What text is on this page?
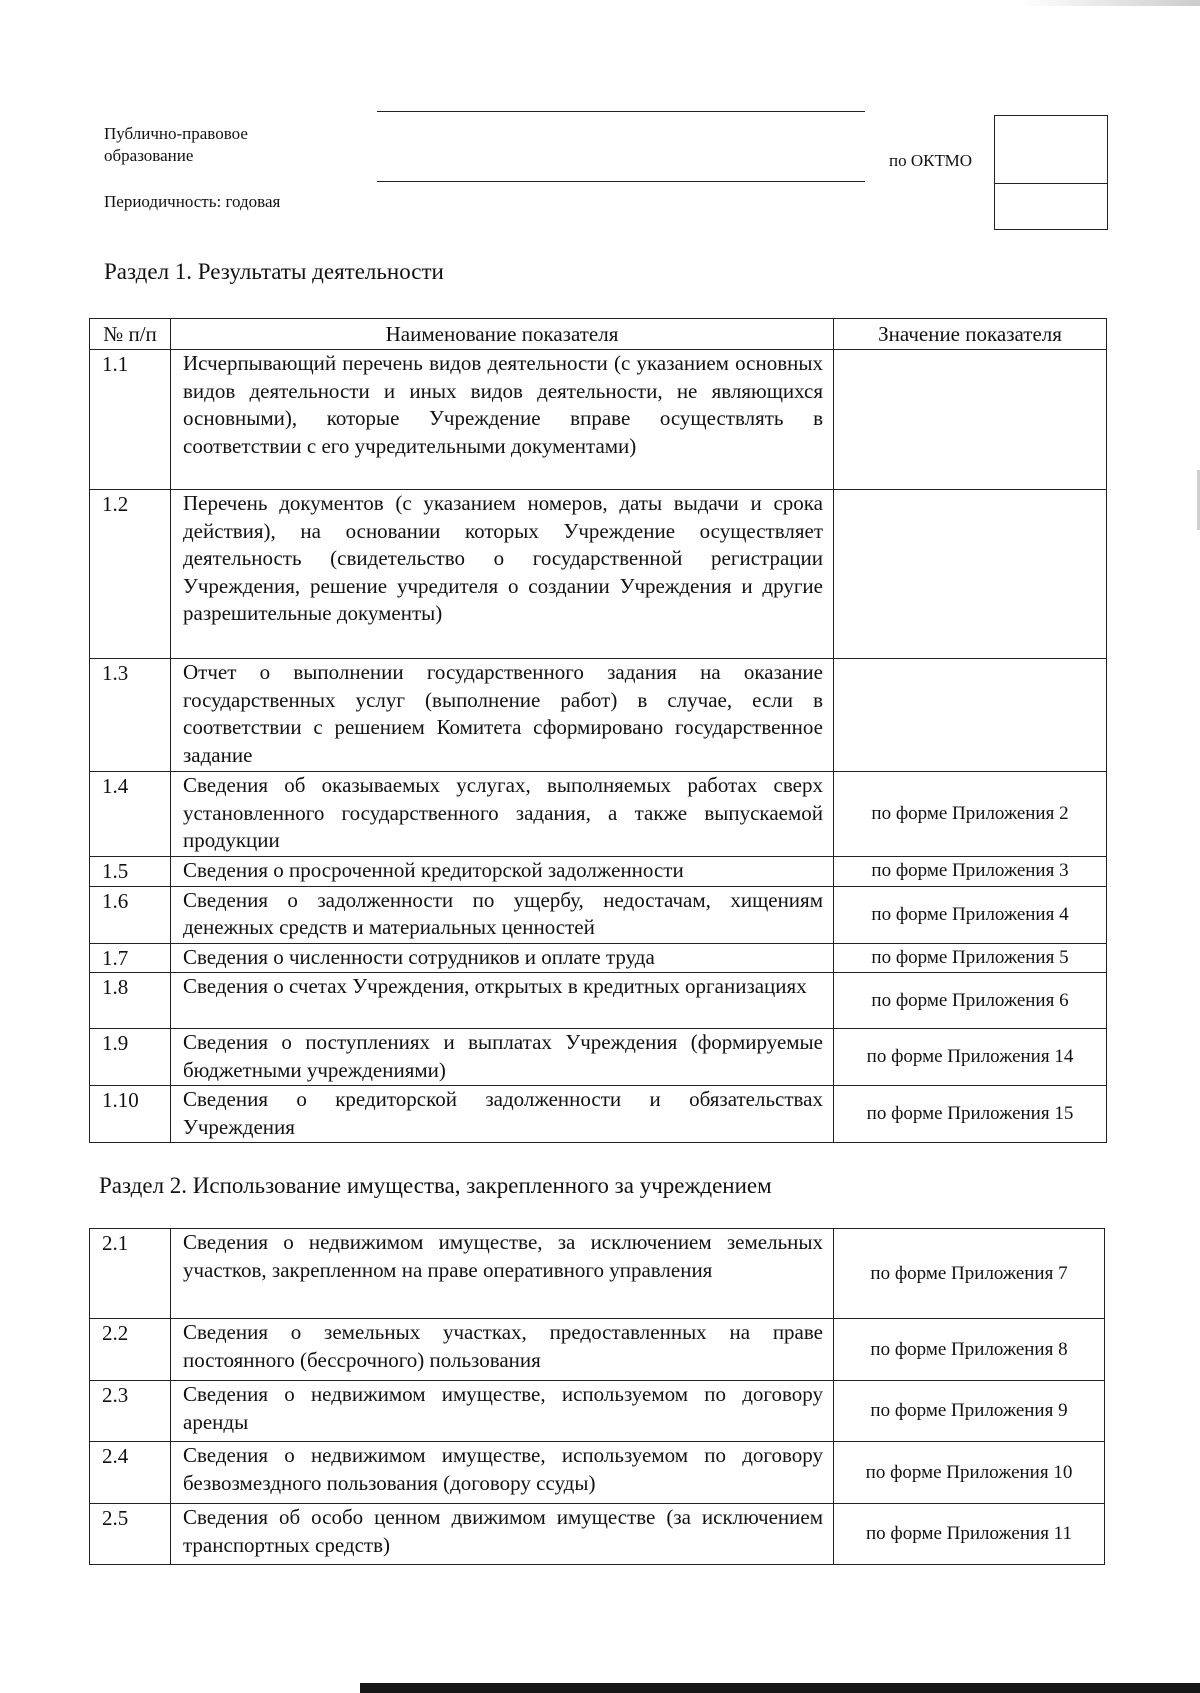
Публично-правовое образование	по ОКТМО
Периодичность: годовая
Раздел 1. Результаты деятельности
№ п/п	Наименование показателя	Значение показателя
1.1	Исчерпывающий перечень видов деятельности (с указанием основных видов деятельности и иных видов деятельности, не являющихся основными), которые Учреждение вправе осуществлять в соответствии с его учредительными документами)	
1.2	Перечень документов (с указанием номеров, даты выдачи и срока действия), на основании которых Учреждение осуществляет деятельность (свидетельство о государственной регистрации Учреждения, решение учредителя о создании Учреждения и другие разрешительные документы)	
1.3	Отчет о выполнении государственного задания на оказание государственных услуг (выполнение работ) в случае, если в соответствии с решением Комитета сформировано государственное задание	
1.4	Сведения об оказываемых услугах, выполняемых работах сверх установленного государственного задания, а также выпускаемой продукции	по форме Приложения 2
1.5	Сведения о просроченной кредиторской задолженности	по форме Приложения 3
1.6	Сведения о задолженности по ущербу, недостачам, хищениям денежных средств и материальных ценностей	по форме Приложения 4
1.7	Сведения о численности сотрудников и оплате труда	по форме Приложения 5
1.8	Сведения о счетах Учреждения, открытых в кредитных организациях	по форме Приложения 6
1.9	Сведения о поступлениях и выплатах Учреждения (формируемые бюджетными учреждениями)	по форме Приложения 14
1.10	Сведения о кредиторской задолженности и обязательствах Учреждения	по форме Приложения 15
Раздел 2. Использование имущества, закрепленного за учреждением
2.1	Сведения о недвижимом имуществе, за исключением земельных участков, закрепленном на праве оперативного управления	по форме Приложения 7
2.2	Сведения о земельных участках, предоставленных на праве постоянного (бессрочного) пользования	по форме Приложения 8
2.3	Сведения о недвижимом имуществе, используемом по договору аренды	по форме Приложения 9
2.4	Сведения о недвижимом имуществе, используемом по договору безвозмездного пользования (договору ссуды)	по форме Приложения 10
2.5	Сведения об особо ценном движимом имуществе (за исключением транспортных средств)	по форме Приложения 11
